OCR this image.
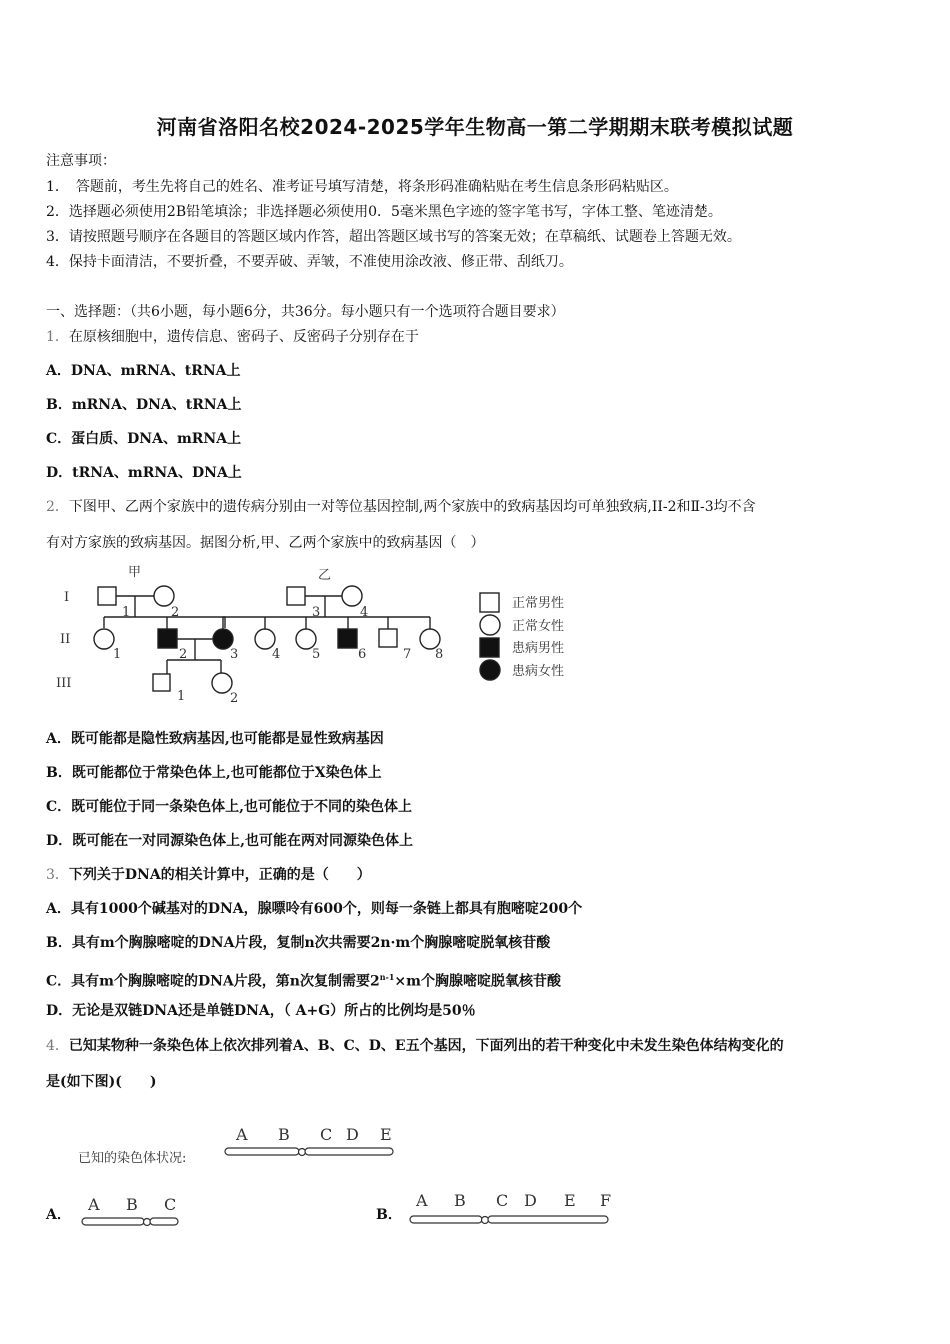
河南省洛阳名校2024-2025学年生物高一第二学期期末联考模拟试题
注意事项：
1．　答题前，考生先将自己的姓名、准考证号填写清楚，将条形码准确粘贴在考生信息条形码粘贴区。
2．选择题必须使用2B铅笔填涂；非选择题必须使用0．5毫米黑色字迹的签字笔书写，字体工整、笔迹清楚。
3．请按照题号顺序在各题目的答题区域内作答，超出答题区域书写的答案无效；在草稿纸、试题卷上答题无效。
4．保持卡面清洁，不要折叠，不要弄破、弄皱，不准使用涂改液、修正带、刮纸刀。
一、选择题：（共6小题，每小题6分，共36分。每小题只有一个选项符合题目要求）
1．在原核细胞中，遗传信息、密码子、反密码子分别存在于
A．DNA、mRNA、tRNA上
B．mRNA、DNA、tRNA上
C．蛋白质、DNA、mRNA上
D．tRNA、mRNA、DNA上
2．下图甲、乙两个家族中的遗传病分别由一对等位基因控制,两个家族中的致病基因均可单独致病,II-2和Ⅱ-3均不含
有对方家族的致病基因。据图分析,甲、乙两个家族中的致病基因（　）
甲	乙
I
II
III
1	2	3	4
1	2	3	4 5	6	7 8
1	2
正常男性
正常女性
患病男性
患病女性
A．既可能都是隐性致病基因,也可能都是显性致病基因
B．既可能都位于常染色体上,也可能都位于X染色体上
C．既可能位于同一条染色体上,也可能位于不同的染色体上
D．既可能在一对同源染色体上,也可能在两对同源染色体上
3．下列关于DNA的相关计算中，正确的是（　　）
A．具有1000个碱基对的DNA，腺嘌呤有600个，则每一条链上都具有胞嘧啶200个
B．具有m个胸腺嘧啶的DNA片段，复制n次共需要2n·m个胸腺嘧啶脱氧核苷酸
C．具有m个胸腺嘧啶的DNA片段，第n次复制需要$2^{n-1}\times m$个胸腺嘧啶脱氧核苷酸
D．无论是双链DNA还是单链DNA，（ A+G）所占的比例均是50％
4．已知某物种一条染色体上依次排列着A、B、C、D、E五个基因，下面列出的若干种变化中未发生染色体结构变化的
是(如下图)(　　)
已知的染色体状况:
A B C D E
A．
A B C
B．
A B C D E F
